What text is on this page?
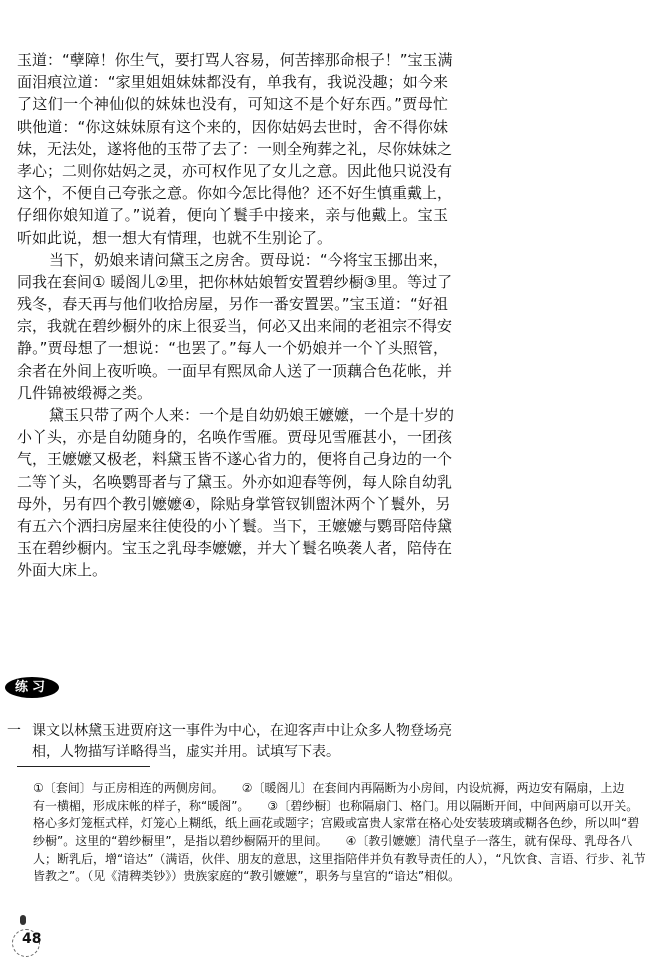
玉道：“孽障！你生气，要打骂人容易，何苦摔那命根子！”宝玉满
面泪痕泣道：“家里姐姐妹妹都没有，单我有，我说没趣；如今来
了这们一个神仙似的妹妹也没有，可知这不是个好东西。”贾母忙
哄他道：“你这妹妹原有这个来的，因你姑妈去世时，舍不得你妹
妹，无法处，遂将他的玉带了去了：一则全殉葬之礼，尽你妹妹之
孝心；二则你姑妈之灵，亦可权作见了女儿之意。因此他只说没有
这个，不便自己夸张之意。你如今怎比得他？还不好生慎重戴上，
仔细你娘知道了。”说着，便向丫鬟手中接来，亲与他戴上。宝玉
听如此说，想一想大有情理，也就不生别论了。
当下，奶娘来请问黛玉之房舍。贾母说：“今将宝玉挪出来，
同我在套间① 暖阁儿②里，把你林姑娘暂安置碧纱橱③里。等过了
残冬，春天再与他们收拾房屋，另作一番安置罢。”宝玉道：“好祖
宗，我就在碧纱橱外的床上很妥当，何必又出来闹的老祖宗不得安
静。”贾母想了一想说：“也罢了。”每人一个奶娘并一个丫头照管，
余者在外间上夜听唤。一面早有熙凤命人送了一顶藕合色花帐，并
几件锦被缎褥之类。
黛玉只带了两个人来：一个是自幼奶娘王嬷嬷，一个是十岁的
小丫头，亦是自幼随身的，名唤作雪雁。贾母见雪雁甚小，一团孩
气，王嬷嬷又极老，料黛玉皆不遂心省力的，便将自己身边的一个
二等丫头，名唤鹦哥者与了黛玉。外亦如迎春等例，每人除自幼乳
母外，另有四个教引嬷嬷④，除贴身掌管钗钏盥沐两个丫鬟外，另
有五六个洒扫房屋来往使役的小丫鬟。当下，王嬷嬷与鹦哥陪侍黛
玉在碧纱橱内。宝玉之乳母李嬷嬷，并大丫鬟名唤袭人者，陪侍在
外面大床上。
练习
一 课文以林黛玉进贾府这一事件为中心，在迎客声中让众多人物登场亮
相，人物描写详略得当，虚实并用。试填写下表。
①〔套间〕与正房相连的两侧房间。　　②〔暖阁儿〕在套间内再隔断为小房间，内设炕褥，两边安有隔扇，上边
有一横楣，形成床帐的样子，称“暖阁”。　　③〔碧纱橱〕也称隔扇门、格门。用以隔断开间，中间两扇可以开关。
格心多灯笼框式样，灯笼心上糊纸，纸上画花或题字；宫殿或富贵人家常在格心处安装玻璃或糊各色纱，所以叫“碧
纱橱”。这里的“碧纱橱里”，是指以碧纱橱隔开的里间。　　④〔教引嬷嬷〕清代皇子一落生，就有保母、乳母各八
人；断乳后，增“谙达”（满语，伙伴、朋友的意思，这里指陪伴并负有教导责任的人），“凡饮食、言语、行步、礼节
皆教之”。（见《清稗类钞》）贵族家庭的“教引嬷嬷”，职务与皇宫的“谙达”相似。
48
